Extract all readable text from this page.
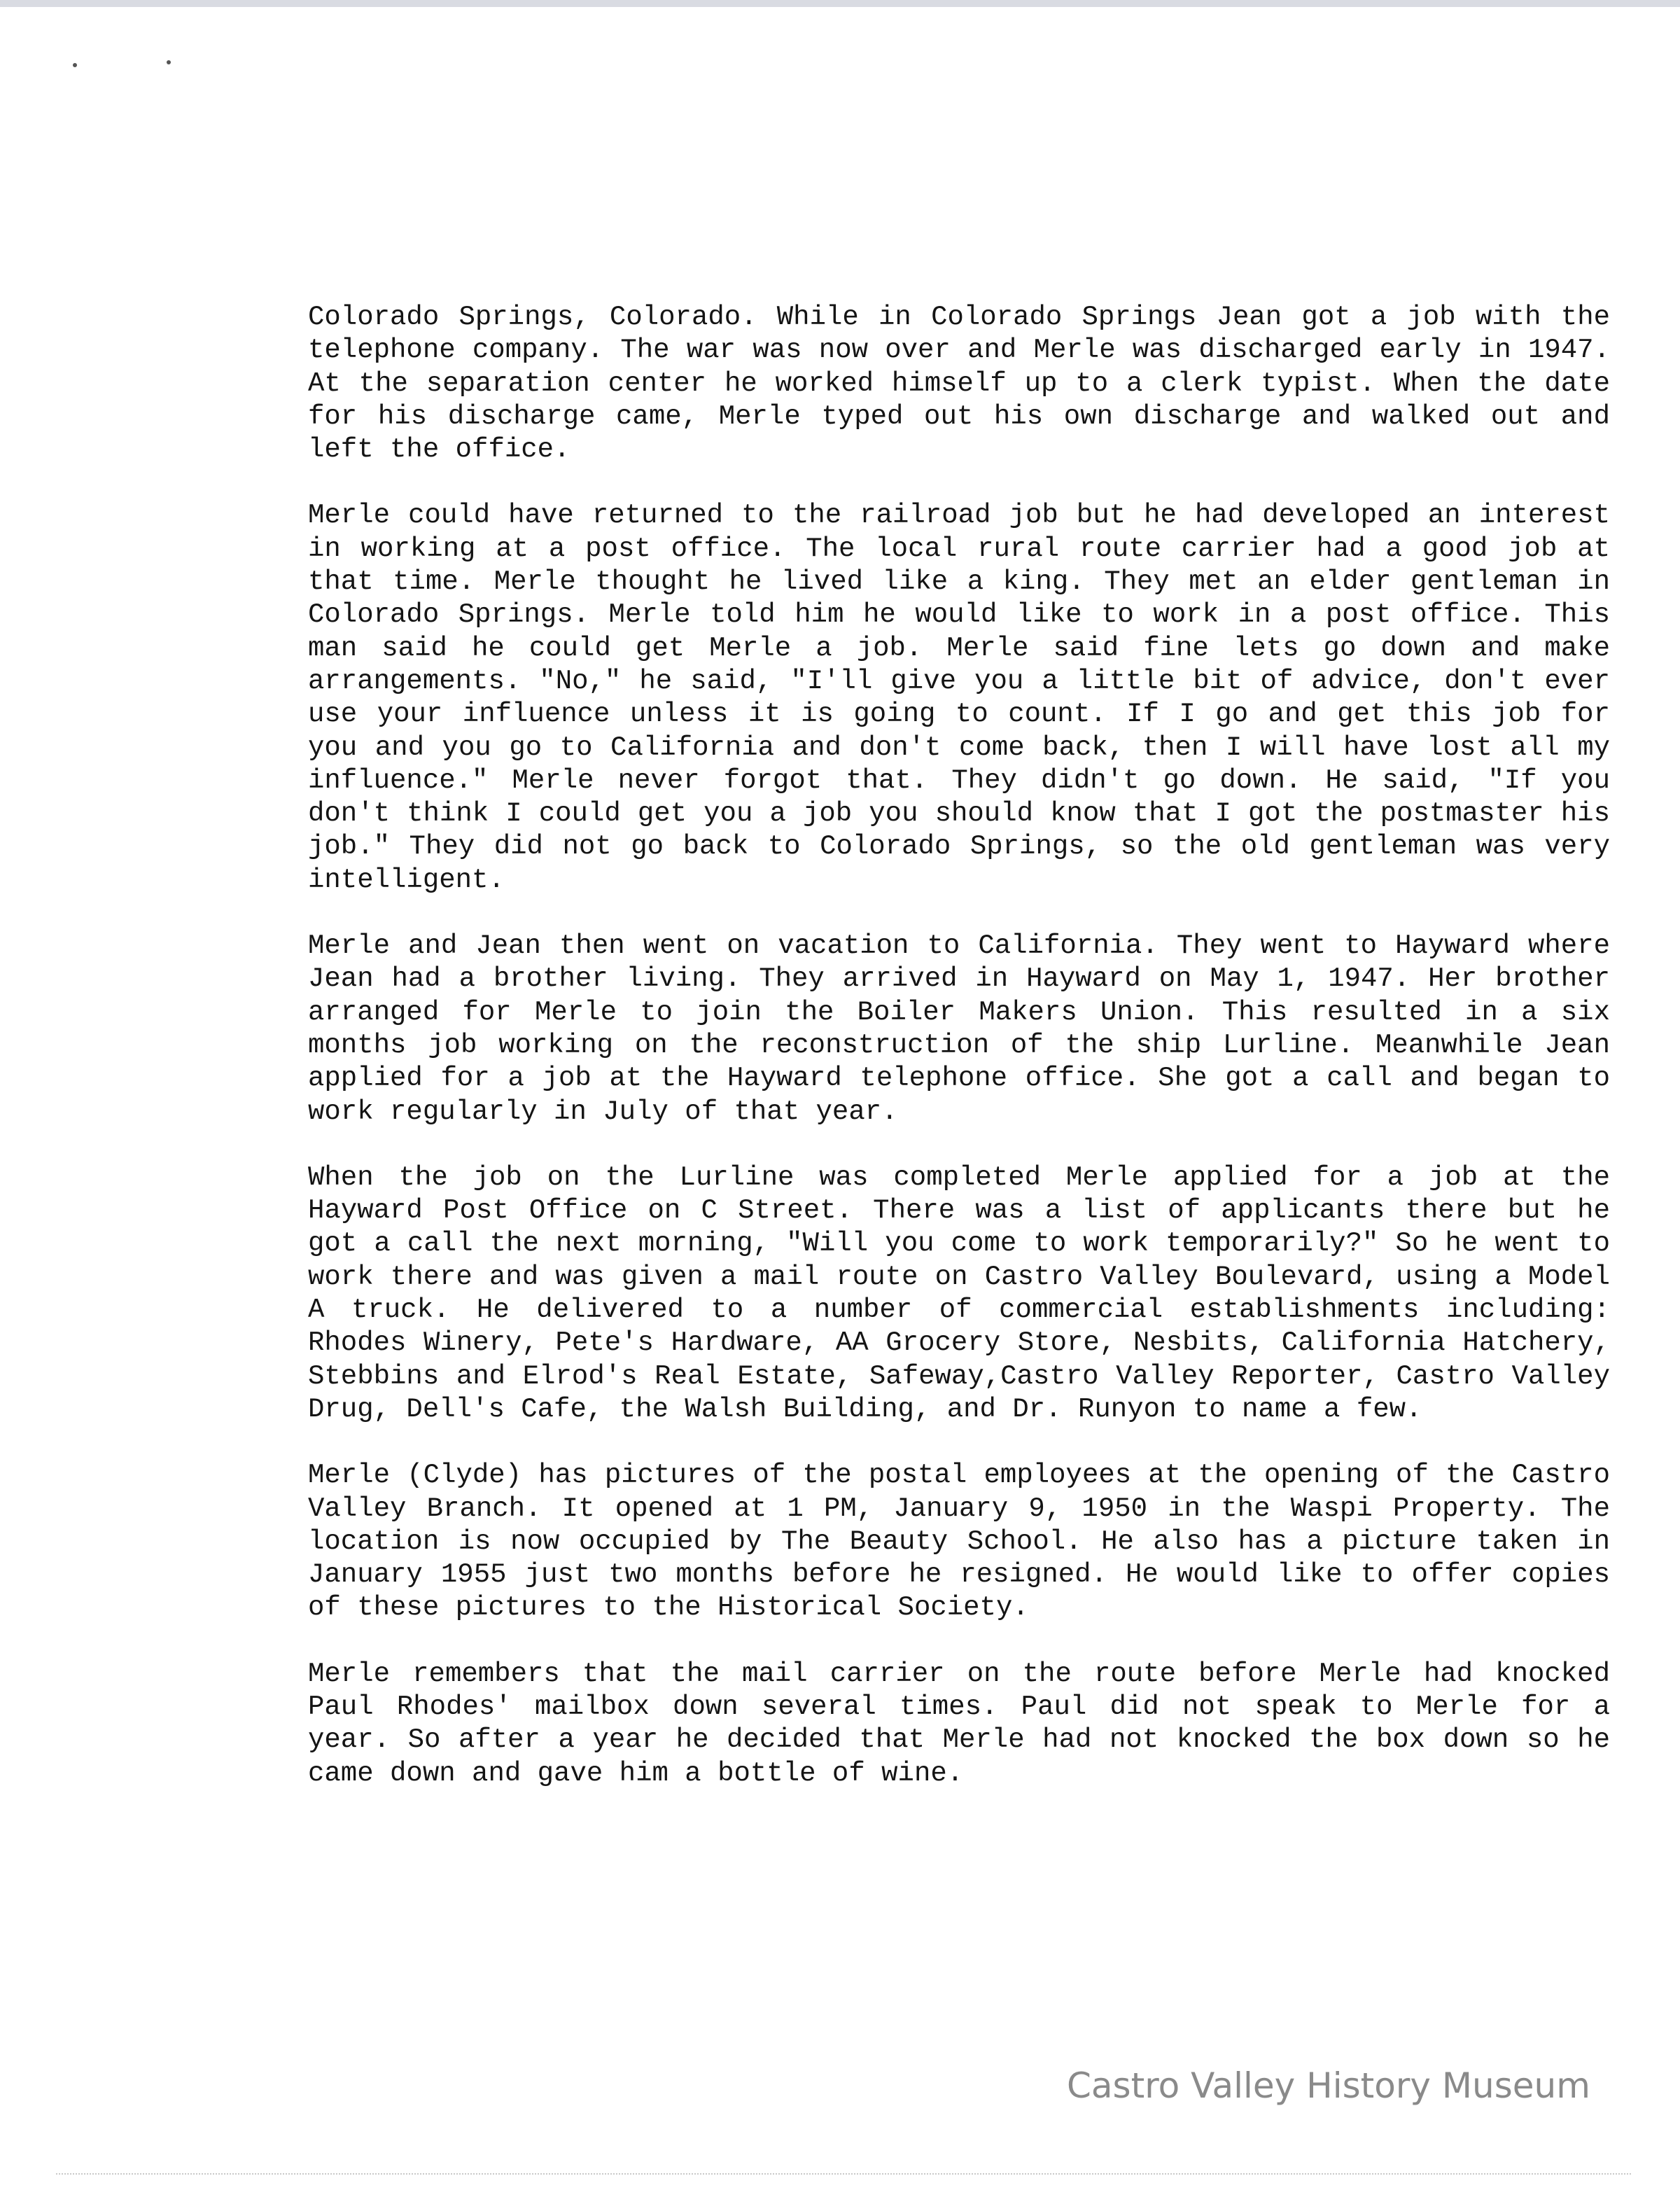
Colorado Springs, Colorado. While in Colorado Springs Jean got a job with the telephone company. The war was now over and Merle was discharged early in 1947. At the separation center he worked himself up to a clerk typist. When the date for his discharge came, Merle typed out his own discharge and walked out and left the office.

Merle could have returned to the railroad job but he had developed an interest in working at a post office. The local rural route carrier had a good job at that time. Merle thought he lived like a king. They met an elder gentleman in Colorado Springs. Merle told him he would like to work in a post office. This man said he could get Merle a job. Merle said fine lets go down and make arrangements. "No," he said, "I'll give you a little bit of advice, don't ever use your influence unless it is going to count. If I go and get this job for you and you go to California and don't come back, then I will have lost all my influence." Merle never forgot that. They didn't go down. He said, "If you don't think I could get you a job you should know that I got the postmaster his job." They did not go back to Colorado Springs, so the old gentleman was very intelligent.

Merle and Jean then went on vacation to California. They went to Hayward where Jean had a brother living. They arrived in Hayward on May 1, 1947. Her brother arranged for Merle to join the Boiler Makers Union. This resulted in a six months job working on the reconstruction of the ship Lurline. Meanwhile Jean applied for a job at the Hayward telephone office. She got a call and began to work regularly in July of that year.

When the job on the Lurline was completed Merle applied for a job at the Hayward Post Office on C Street. There was a list of applicants there but he got a call the next morning, "Will you come to work temporarily?" So he went to work there and was given a mail route on Castro Valley Boulevard, using a Model A truck. He delivered to a number of commercial establishments including: Rhodes Winery, Pete's Hardware, AA Grocery Store, Nesbits, California Hatchery, Stebbins and Elrod's Real Estate, Safeway,Castro Valley Reporter, Castro Valley Drug, Dell's Cafe, the Walsh Building, and Dr. Runyon to name a few.

Merle (Clyde) has pictures of the postal employees at the opening of the Castro Valley Branch. It opened at 1 PM, January 9, 1950 in the Waspi Property. The location is now occupied by The Beauty School. He also has a picture taken in January 1955 just two months before he resigned. He would like to offer copies of these pictures to the Historical Society.

Merle remembers that the mail carrier on the route before Merle had knocked Paul Rhodes' mailbox down several times. Paul did not speak to Merle for a year. So after a year he decided that Merle had not knocked the box down so he came down and gave him a bottle of wine.

Castro Valley History Museum
